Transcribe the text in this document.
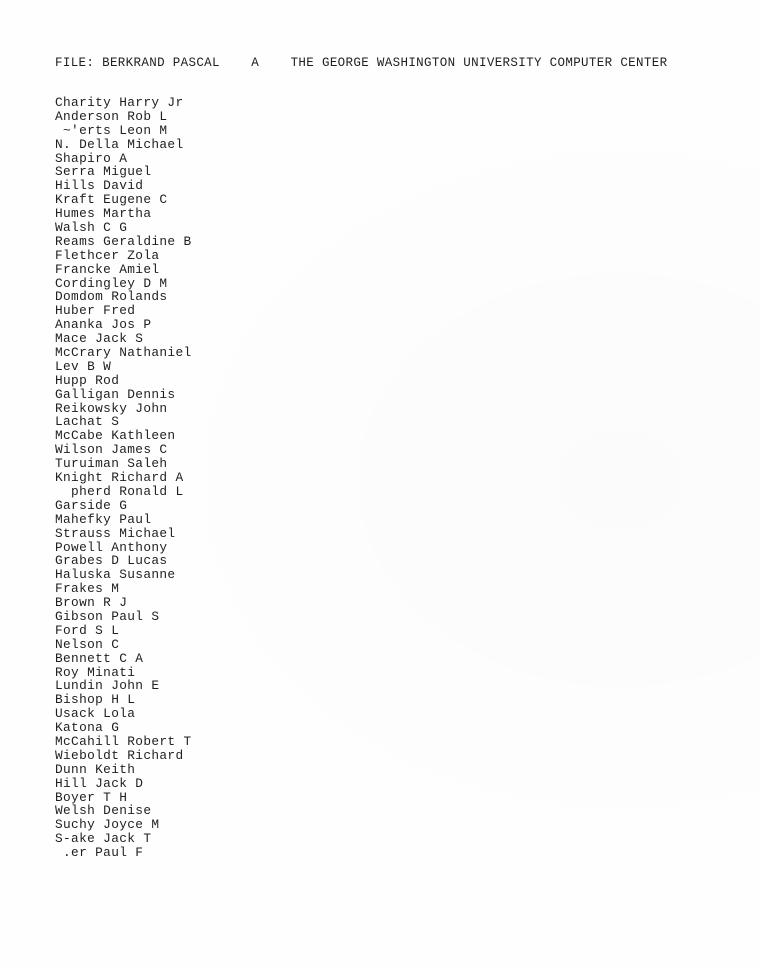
FILE: BERKRAND PASCAL	A	THE GEORGE WASHINGTON UNIVERSITY COMPUTER CENTER
Charity Harry Jr
Anderson Rob L
~'erts Leon M
N. Della Michael
Shapiro A
Serra Miguel
Hills David
Kraft Eugene C
Humes Martha
Walsh C G
Reams Geraldine B
Flethcer Zola
Francke Amiel
Cordingley D M
Domdom Rolands
Huber Fred
Ananka Jos P
Mace Jack S
McCrary Nathaniel
Lev B W
Hupp Rod
Galligan Dennis
Reikowsky John
Lachat S
McCabe Kathleen
Wilson James C
Turuiman Saleh
Knight Richard A
pherd Ronald L
Garside G
Mahefky Paul
Strauss Michael
Powell Anthony
Grabes D Lucas
Haluska Susanne
Frakes M
Brown R J
Gibson Paul S
Ford S L
Nelson C
Bennett C A
Roy Minati
Lundin John E
Bishop H L
Usack Lola
Katona G
McCahill Robert T
Wieboldt Richard
Dunn Keith
Hill Jack D
Boyer T H
Welsh Denise
Suchy Joyce M
S-ake Jack T
.er Paul F
